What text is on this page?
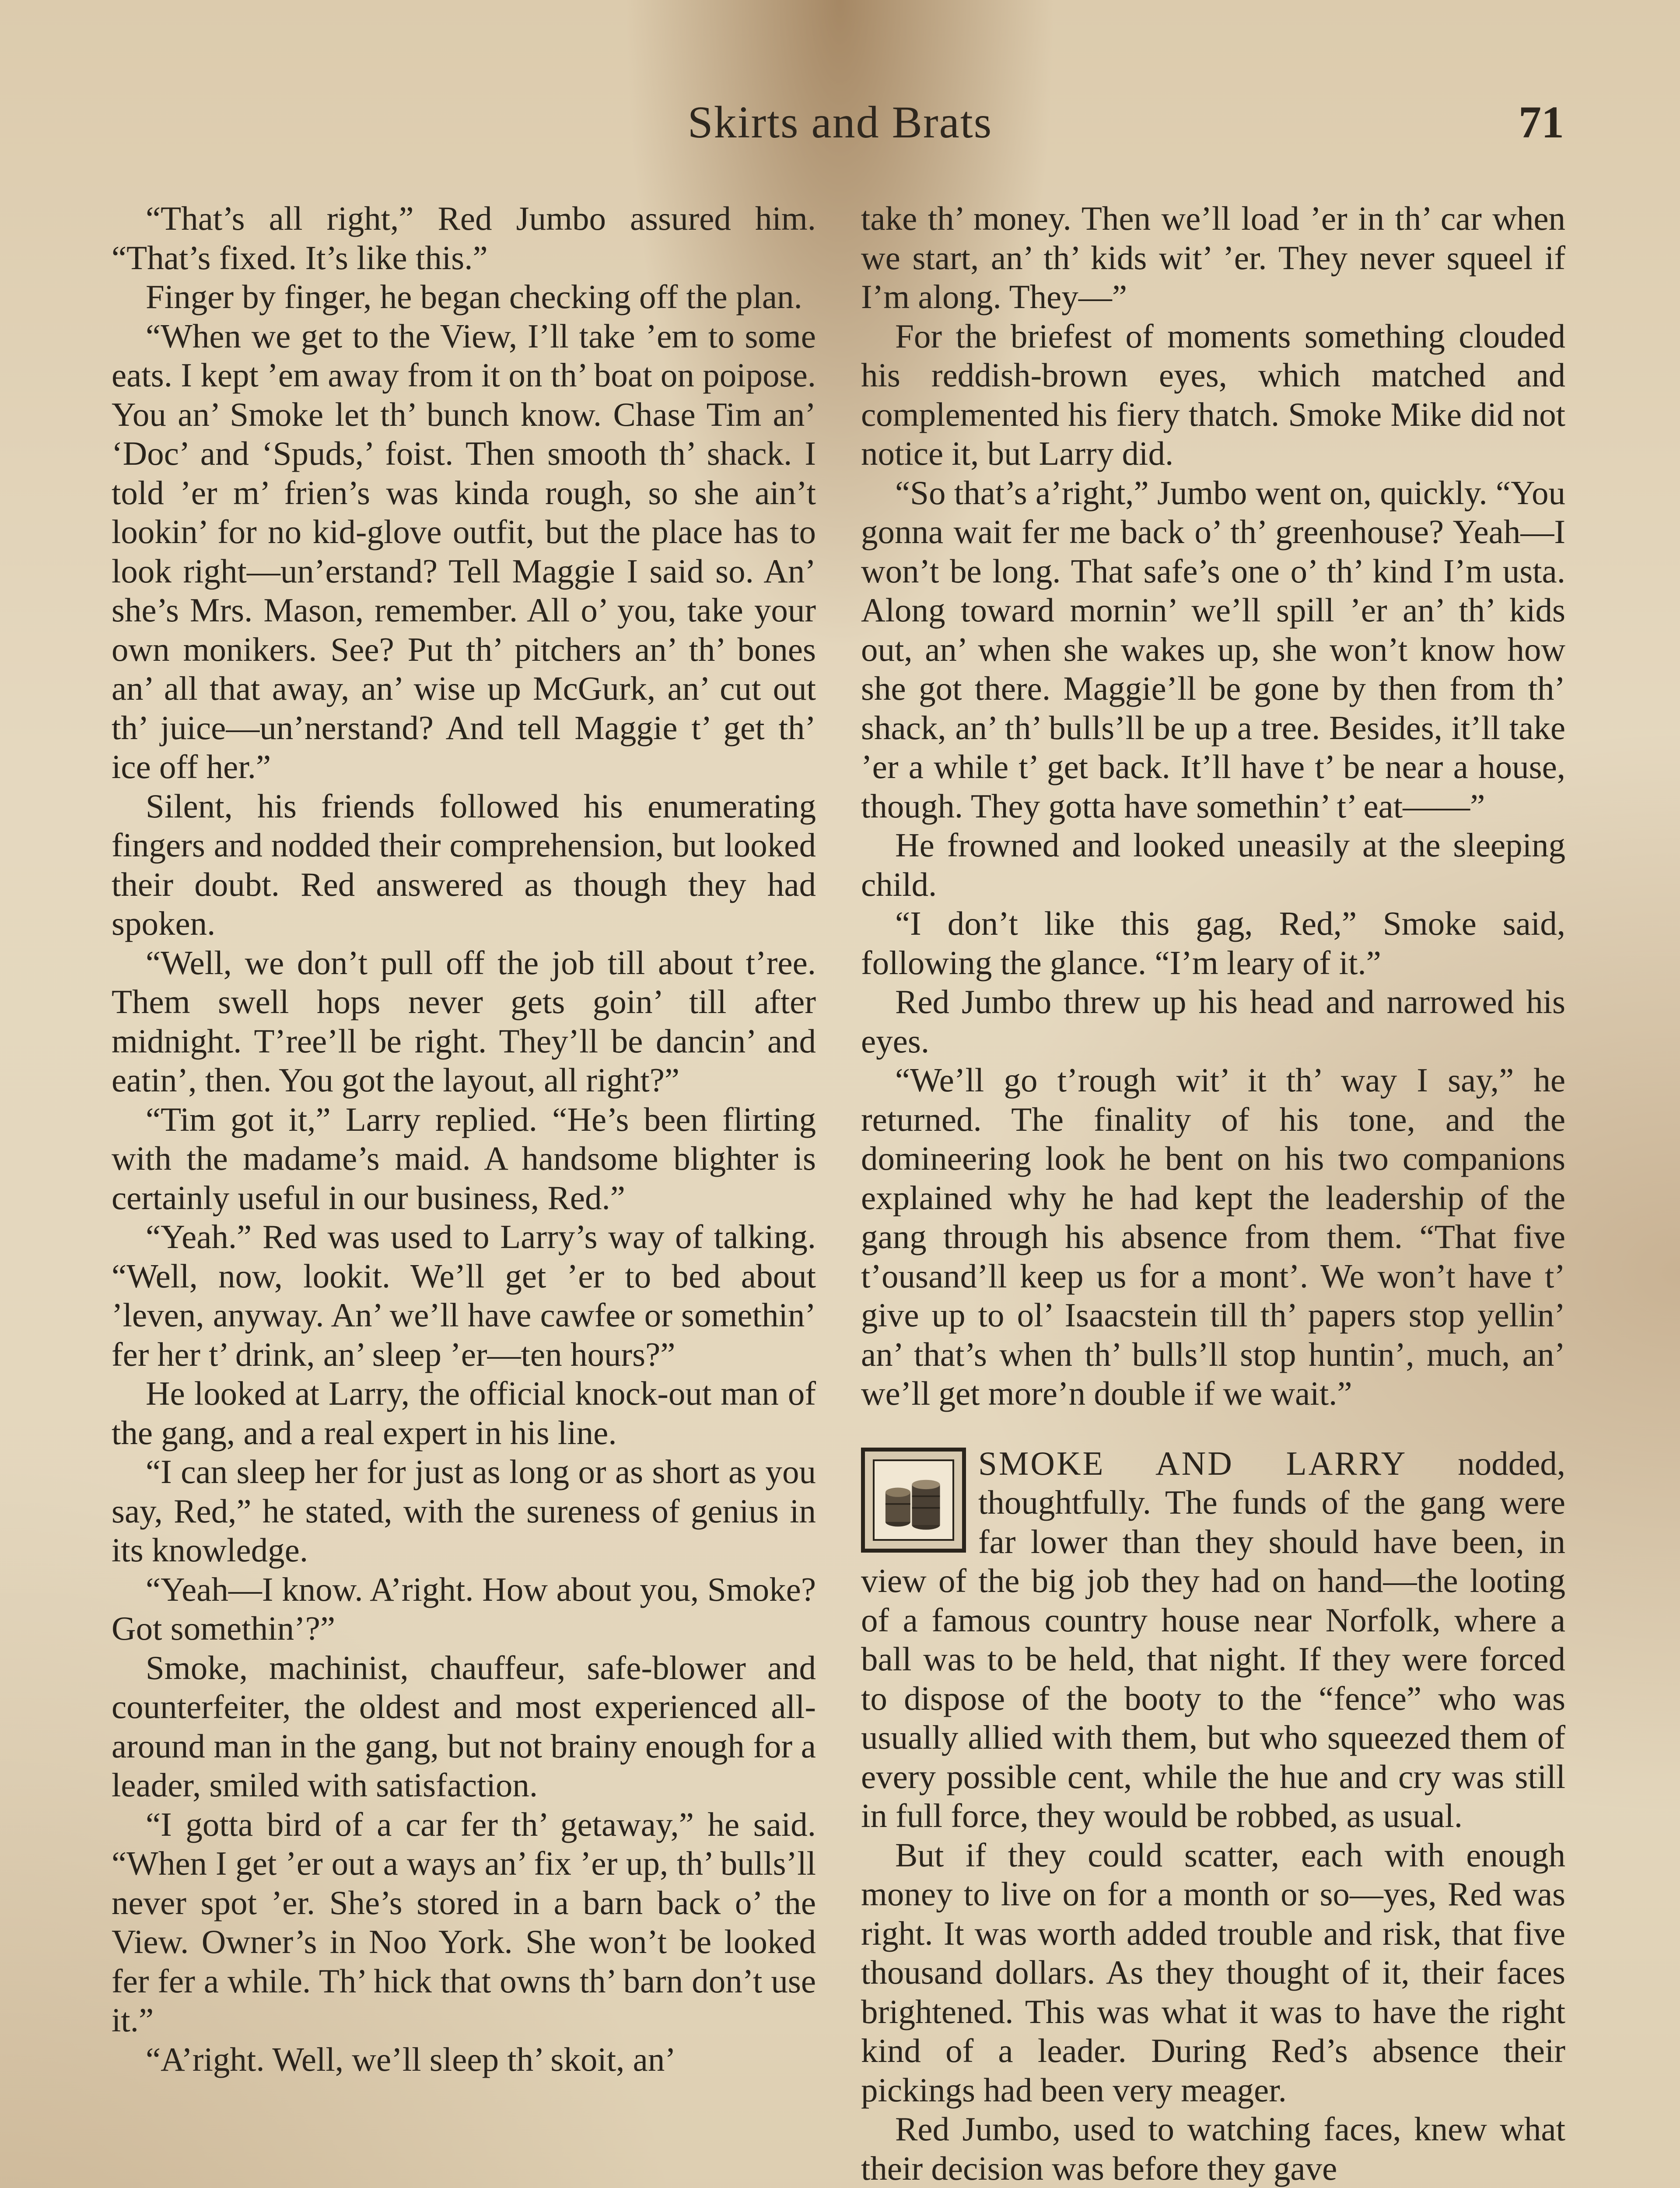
Skirts and Brats	71

“That’s all right,” Red Jumbo assured him. “That’s fixed. It’s like this.”

Finger by finger, he began checking off the plan.

“When we get to the View, I’ll take ’em to some eats. I kept ’em away from it on th’ boat on poipose. You an’ Smoke let th’ bunch know. Chase Tim an’ ‘Doc’ and ‘Spuds,’ foist. Then smooth th’ shack. I told ’er m’ frien’s was kinda rough, so she ain’t lookin’ for no kid-glove outfit, but the place has to look right—un’erstand? Tell Maggie I said so. An’ she’s Mrs. Mason, remember. All o’ you, take your own monikers. See? Put th’ pitchers an’ th’ bones an’ all that away, an’ wise up McGurk, an’ cut out th’ juice—un’nerstand? And tell Maggie t’ get th’ ice off her.”

Silent, his friends followed his enumerating fingers and nodded their comprehension, but looked their doubt. Red answered as though they had spoken.

“Well, we don’t pull off the job till about t’ree. Them swell hops never gets goin’ till after midnight. T’ree’ll be right. They’ll be dancin’ and eatin’, then. You got the layout, all right?”

“Tim got it,” Larry replied. “He’s been flirting with the madame’s maid. A handsome blighter is certainly useful in our business, Red.”

“Yeah.” Red was used to Larry’s way of talking. “Well, now, lookit. We’ll get ’er to bed about ’leven, anyway. An’ we’ll have cawfee or somethin’ fer her t’ drink, an’ sleep ’er—ten hours?”

He looked at Larry, the official knock-out man of the gang, and a real expert in his line.

“I can sleep her for just as long or as short as you say, Red,” he stated, with the sureness of genius in its knowledge.

“Yeah—I know. A’right. How about you, Smoke? Got somethin’?”

Smoke, machinist, chauffeur, safe-blower and counterfeiter, the oldest and most experienced all-around man in the gang, but not brainy enough for a leader, smiled with satisfaction.

“I gotta bird of a car fer th’ getaway,” he said. “When I get ’er out a ways an’ fix ’er up, th’ bulls’ll never spot ’er. She’s stored in a barn back o’ the View. Owner’s in Noo York. She won’t be looked fer fer a while. Th’ hick that owns th’ barn don’t use it.”

“A’right. Well, we’ll sleep th’ skoit, an’

take th’ money. Then we’ll load ’er in th’ car when we start, an’ th’ kids wit’ ’er. They never squeel if I’m along. They—”

For the briefest of moments something clouded his reddish-brown eyes, which matched and complemented his fiery thatch. Smoke Mike did not notice it, but Larry did.

“So that’s a’right,” Jumbo went on, quickly. “You gonna wait fer me back o’ th’ greenhouse? Yeah—I won’t be long. That safe’s one o’ th’ kind I’m usta. Along toward mornin’ we’ll spill ’er an’ th’ kids out, an’ when she wakes up, she won’t know how she got there. Maggie’ll be gone by then from th’ shack, an’ th’ bulls’ll be up a tree. Besides, it’ll take ’er a while t’ get back. It’ll have t’ be near a house, though. They gotta have somethin’ t’ eat——”

He frowned and looked uneasily at the sleeping child.

“I don’t like this gag, Red,” Smoke said, following the glance. “I’m leary of it.”

Red Jumbo threw up his head and narrowed his eyes.

“We’ll go t’rough wit’ it th’ way I say,” he returned. The finality of his tone, and the domineering look he bent on his two companions explained why he had kept the leadership of the gang through his absence from them. “That five t’ousand’ll keep us for a mont’. We won’t have t’ give up to ol’ Isaacstein till th’ papers stop yellin’ an’ that’s when th’ bulls’ll stop huntin’, much, an’ we’ll get more’n double if we wait.”

SMOKE AND LARRY nodded, thoughtfully. The funds of the gang were far lower than they should have been, in view of the big job they had on hand—the looting of a famous country house near Norfolk, where a ball was to be held, that night. If they were forced to dispose of the booty to the “fence” who was usually allied with them, but who squeezed them of every possible cent, while the hue and cry was still in full force, they would be robbed, as usual.

But if they could scatter, each with enough money to live on for a month or so—yes, Red was right. It was worth added trouble and risk, that five thousand dollars. As they thought of it, their faces brightened. This was what it was to have the right kind of a leader. During Red’s absence their pickings had been very meager.

Red Jumbo, used to watching faces, knew what their decision was before they gave
